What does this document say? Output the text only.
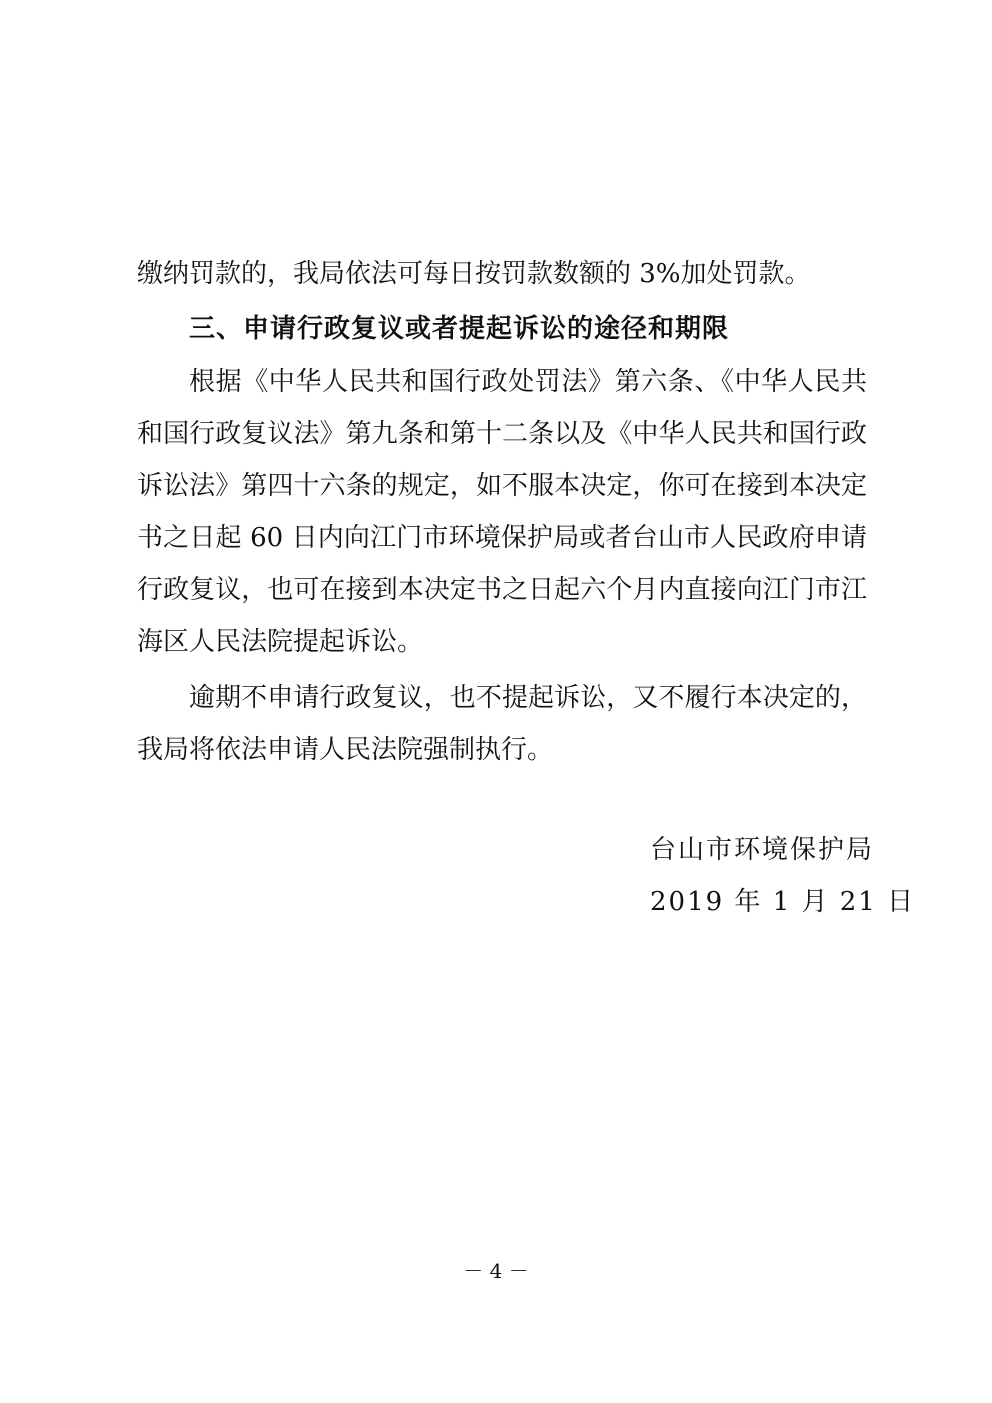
缴纳罚款的，我局依法可每日按罚款数额的 3%加处罚款。
三、申请行政复议或者提起诉讼的途径和期限
根据《中华人民共和国行政处罚法》第六条、《中华人民共
和国行政复议法》第九条和第十二条以及《中华人民共和国行政
诉讼法》第四十六条的规定，如不服本决定，你可在接到本决定
书之日起 60 日内向江门市环境保护局或者台山市人民政府申请
行政复议，也可在接到本决定书之日起六个月内直接向江门市江
海区人民法院提起诉讼。
逾期不申请行政复议，也不提起诉讼，又不履行本决定的，
我局将依法申请人民法院强制执行。
台山市环境保护局
2019 年 1 月 21 日
－ 4 －
